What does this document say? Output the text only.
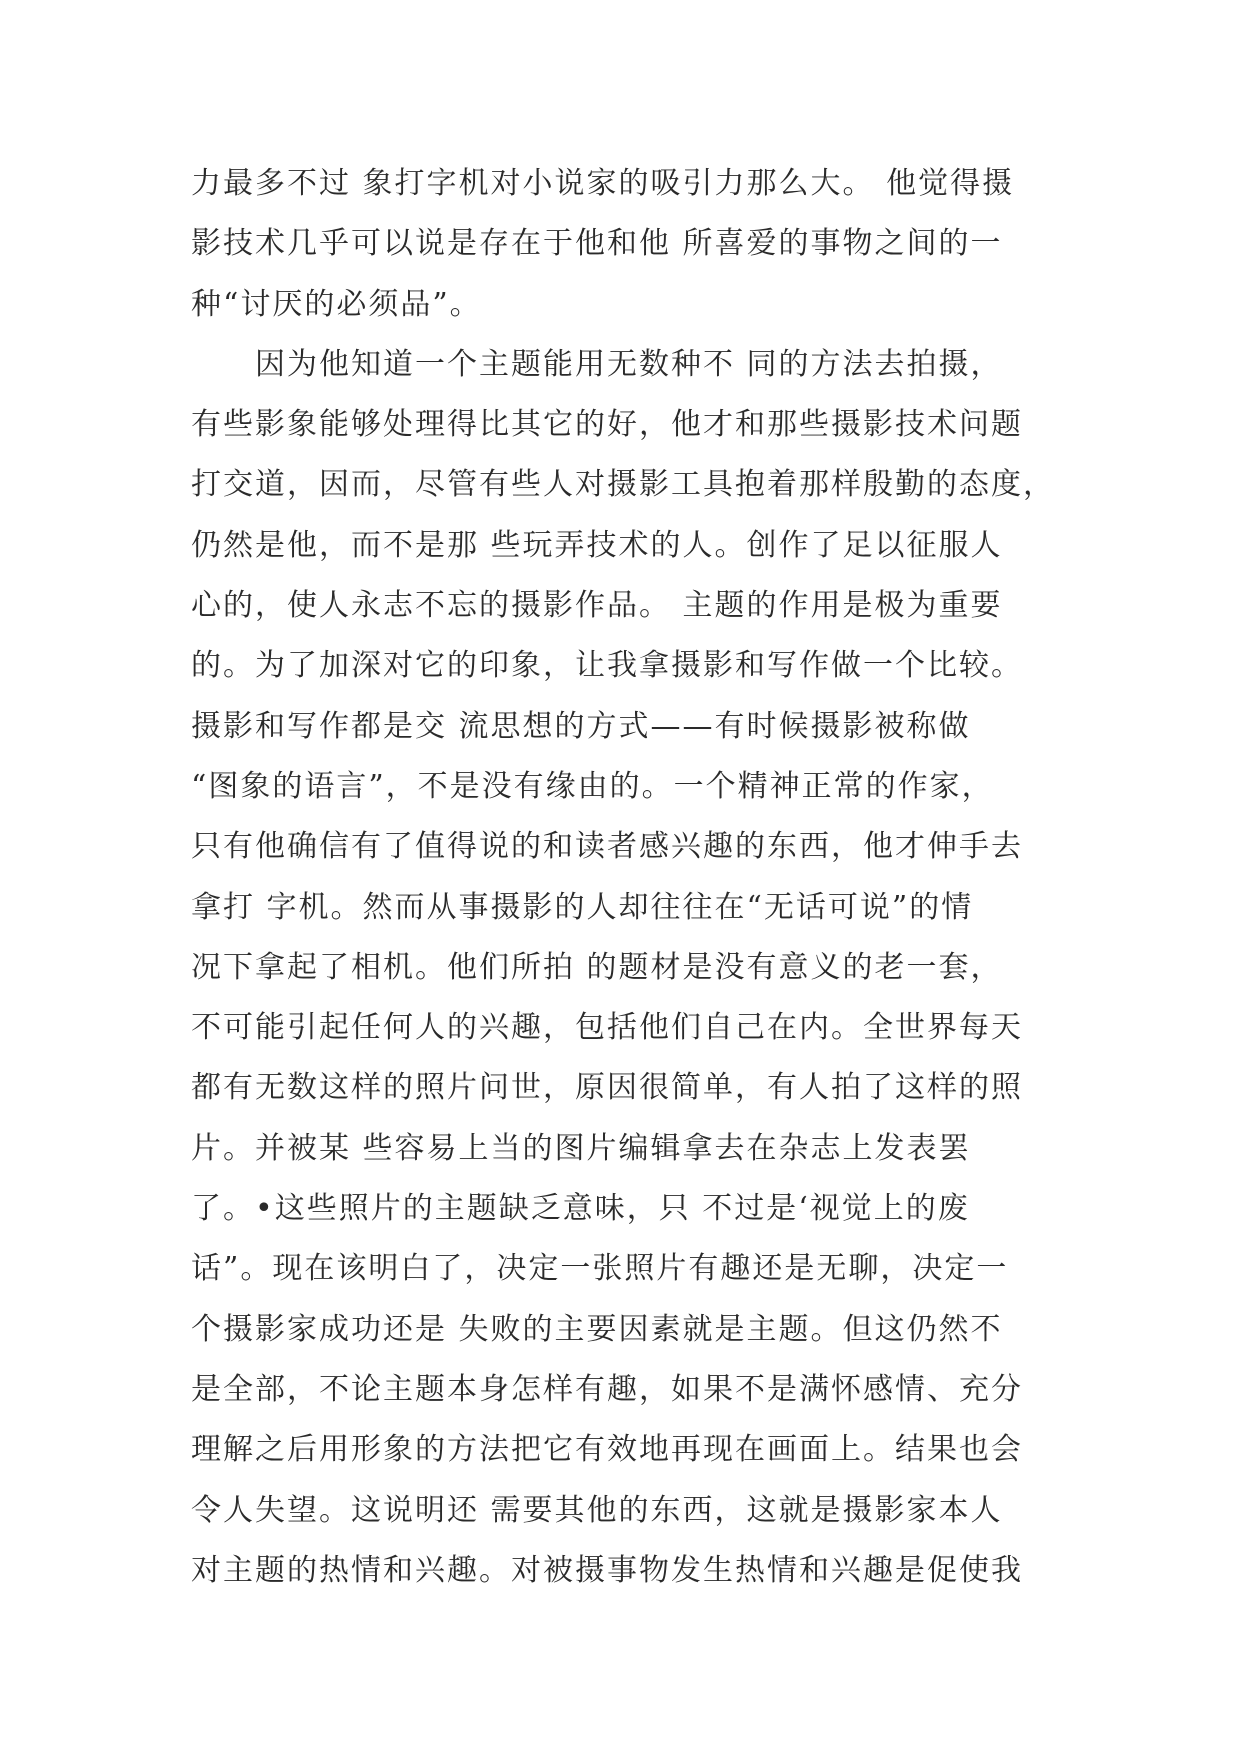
力最多不过 象打字机对小说家的吸引力那么大。 他觉得摄
影技术几乎可以说是存在于他和他 所喜爱的事物之间的一
种“讨厌的必须品”。
　　因为他知道一个主题能用无数种不 同的方法去拍摄，
有些影象能够处理得比其它的好，他才和那些摄影技术问题
打交道，因而，尽管有些人对摄影工具抱着那样殷勤的态度，
仍然是他，而不是那 些玩弄技术的人。创作了足以征服人
心的，使人永志不忘的摄影作品。 主题的作用是极为重要
的。为了加深对它的印象，让我拿摄影和写作做一个比较。
摄影和写作都是交 流思想的方式——有时候摄影被称做
“图象的语言”，不是没有缘由的。一个精神正常的作家，
只有他确信有了值得说的和读者感兴趣的东西，他才伸手去
拿打 字机。然而从事摄影的人却往往在“无话可说”的情
况下拿起了相机。他们所拍 的题材是没有意义的老一套，
不可能引起任何人的兴趣，包括他们自己在内。全世界每天
都有无数这样的照片问世，原因很简单，有人拍了这样的照
片。并被某 些容易上当的图片编辑拿去在杂志上发表罢
了。•这些照片的主题缺乏意味，只 不过是‘视觉上的废
话”。现在该明白了，决定一张照片有趣还是无聊，决定一
个摄影家成功还是 失败的主要因素就是主题。但这仍然不
是全部，不论主题本身怎样有趣，如果不是满怀感情、充分
理解之后用形象的方法把它有效地再现在画面上。结果也会
令人失望。这说明还 需要其他的东西，这就是摄影家本人
对主题的热情和兴趣。对被摄事物发生热情和兴趣是促使我
